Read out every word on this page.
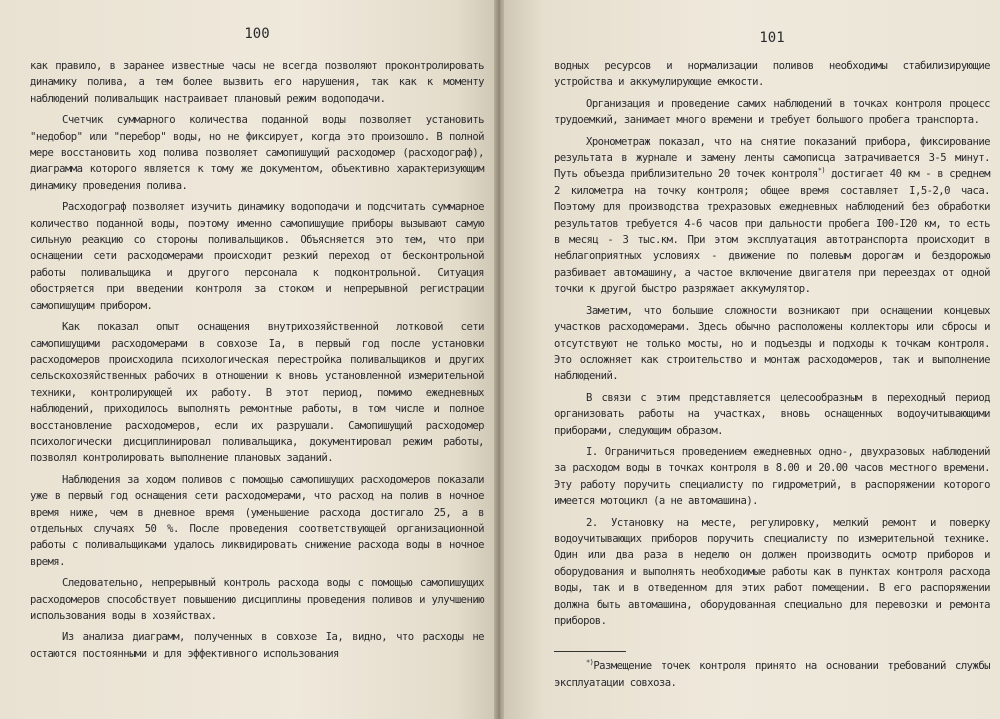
100

как правило, в заранее известные часы не всегда позволяют проконтролировать динамику полива, а тем более вызвить его нарушения, так как к моменту наблюдений поливальщик настраивает плановый режим водоподачи.

Счетчик суммарного количества поданной воды позволяет установить "недобор" или "перебор" воды, но не фиксирует, когда это произошло. В полной мере восстановить ход полива позволяет самопишущий расходомер (расходограф), диаграмма которого является к тому же документом, объективно характеризующим динамику проведения полива.

Расходограф позволяет изучить динамику водоподачи и подсчитать суммарное количество поданной воды, поэтому именно самопишущие приборы вызывают самую сильную реакцию со стороны поливальщиков. Объясняется это тем, что при оснащении сети расходомерами происходит резкий переход от бесконтрольной работы поливальщика и другого персонала к подконтрольной. Ситуация обостряется при введении контроля за стоком и непрерывной регистрации самопишущим прибором.

Как показал опыт оснащения внутрихозяйственной лотковой сети самопишущими расходомерами в совхозе Iа, в первый год после установки расходомеров происходила психологическая перестройка поливальщиков и других сельскохозяйственных рабочих в отношении к вновь установленной измерительной техники, контролирующей их работу. В этот период, помимо ежедневных наблюдений, приходилось выполнять ремонтные работы, в том числе и полное восстановление расходомеров, если их разрушали. Самопишущий расходомер психологически дисциплинировал поливальщика, документировал режим работы, позволял контролировать выполнение плановых заданий.

Наблюдения за ходом поливов с помощью самопишущих расходомеров показали уже в первый год оснащения сети расходомерами, что расход на полив в ночное время ниже, чем в дневное время (уменьшение расхода достигало 25, а в отдельных случаях 50 %. После проведения соответствующей организационной работы с поливальщиками удалось ликвидировать снижение расхода воды в ночное время.

Следовательно, непрерывный контроль расхода воды с помощью самопишущих расходомеров способствует повышению дисциплины проведения поливов и улучшению использования воды в хозяйствах.

Из анализа диаграмм, полученных в совхозе Iа, видно, что расходы не остаются постоянными и для эффективного использования

101

водных ресурсов и нормализации поливов необходимы стабилизирующие устройства и аккумулирующие емкости.

Организация и проведение самих наблюдений в точках контроля процесс трудоемкий, занимает много времени и требует большого пробега транспорта.

Хронометраж показал, что на снятие показаний прибора, фиксирование результата в журнале и замену ленты самописца затрачивается 3-5 минут. Путь объезда приблизительно 20 точек контроля*) достигает 40 км - в среднем 2 километра на точку контроля; общее время составляет I,5-2,0 часа. Поэтому для производства трехразовых ежедневных наблюдений без обработки результатов требуется 4-6 часов при дальности пробега I00-I20 км, то есть в месяц - 3 тыс.км. При этом эксплуатация автотранспорта происходит в неблагоприятных условиях - движение по полевым дорогам и бездорожью разбивает автомашину, а частое включение двигателя при переездах от одной точки к другой быстро разряжает аккумулятор.

Заметим, что большие сложности возникают при оснащении концевых участков расходомерами. Здесь обычно расположены коллекторы или сбросы и отсутствуют не только мосты, но и подъезды и подходы к точкам контроля. Это осложняет как строительство и монтаж расходомеров, так и выполнение наблюдений.

В связи с этим представляется целесообразным в переходный период организовать работы на участках, вновь оснащенных водоучитывающими приборами, следующим образом.

I. Ограничиться проведением ежедневных одно-, двухразовых наблюдений за расходом воды в точках контроля в 8.00 и 20.00 часов местного времени. Эту работу поручить специалисту по гидрометрий, в распоряжении которого имеется мотоцикл (а не автомашина).

2. Установку на месте, регулировку, мелкий ремонт и поверку водоучитывающих приборов поручить специалисту по измерительной технике. Один или два раза в неделю он должен производить осмотр приборов и оборудования и выполнять необходимые работы как в пунктах контроля расхода воды, так и в отведенном для этих работ помещении. В его распоряжении должна быть автомашина, оборудованная специально для перевозки и ремонта приборов.

*)Размещение точек контроля принято на основании требований службы эксплуатации совхоза.
